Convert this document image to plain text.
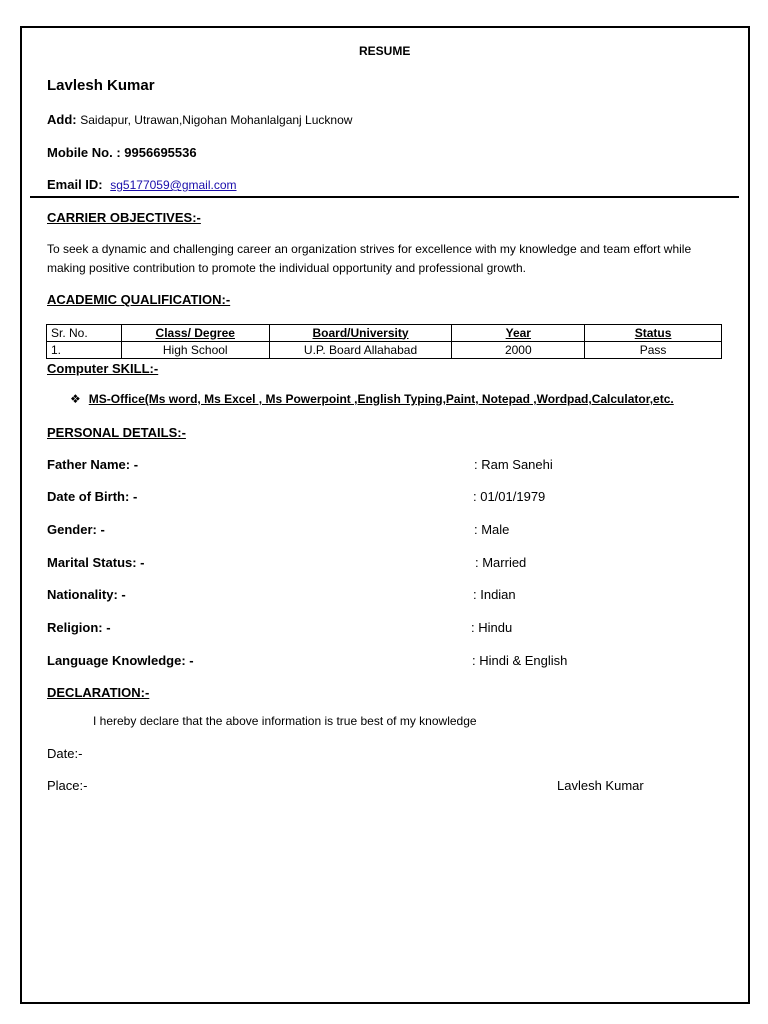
RESUME
Lavlesh Kumar
Add: Saidapur, Utrawan,Nigohan Mohanlalganj Lucknow
Mobile No. : 9956695536
Email ID: sg5177059@gmail.com
CARRIER OBJECTIVES:-
To seek a dynamic and challenging career an organization strives for excellence with my knowledge and team effort while making positive contribution to promote the individual opportunity and professional growth.
ACADEMIC QUALIFICATION:-
Sr. No.	Class/ Degree	Board/University	Year	Status
1.	High School	U.P. Board Allahabad	2000	Pass
Computer SKILL:-
❖ MS-Office(Ms word, Ms Excel , Ms Powerpoint ,English Typing,Paint, Notepad ,Wordpad,Calculator,etc.
PERSONAL DETAILS:-
Father Name: -	: Ram Sanehi
Date of Birth: -	: 01/01/1979
Gender: -	: Male
Marital Status: -	: Married
Nationality: -	: Indian
Religion: -	: Hindu
Language Knowledge: -	: Hindi & English
DECLARATION:-
I hereby declare that the above information is true best of my knowledge
Date:-
Place:-	Lavlesh Kumar
